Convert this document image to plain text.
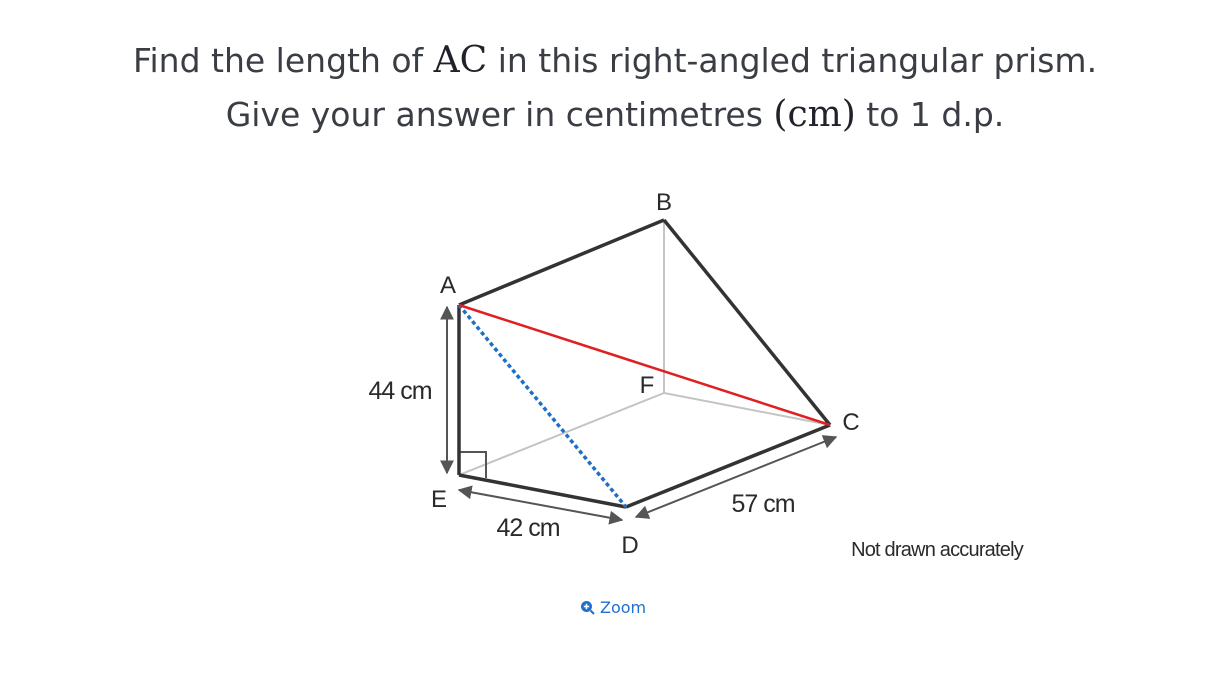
Find the length of AC in this right-angled triangular prism.
Give your answer in centimetres (cm) to 1 d.p.
A
B
C
D
E
F
44 cm
42 cm
57 cm
Not drawn accurately
Zoom
